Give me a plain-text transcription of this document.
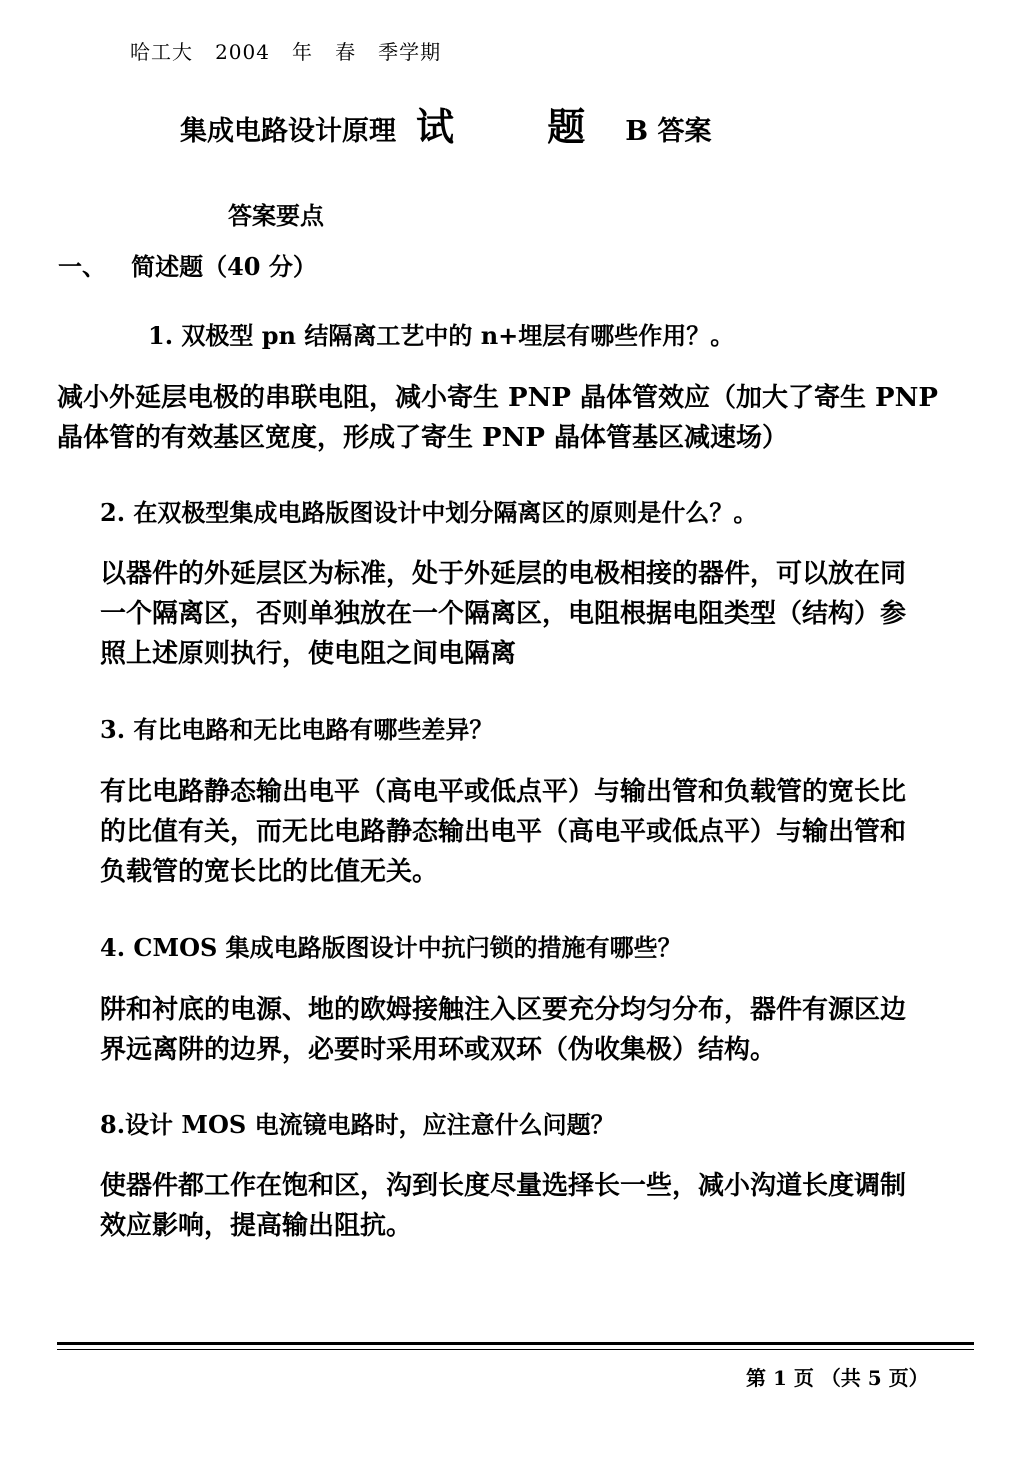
哈工大   2004   年   春   季学期
集成电路设计原理 试 题 B 答案
答案要点
一、   简述题（40 分）
1. 双极型 pn 结隔离工艺中的 n+埋层有哪些作用？。
减小外延层电极的串联电阻，减小寄生 PNP 晶体管效应（加大了寄生 PNP
晶体管的有效基区宽度，形成了寄生 PNP 晶体管基区减速场）
2. 在双极型集成电路版图设计中划分隔离区的原则是什么？。
以器件的外延层区为标准，处于外延层的电极相接的器件，可以放在同
一个隔离区，否则单独放在一个隔离区，电阻根据电阻类型（结构）参
照上述原则执行，使电阻之间电隔离
3. 有比电路和无比电路有哪些差异？
有比电路静态输出电平（高电平或低点平）与输出管和负载管的宽长比
的比值有关，而无比电路静态输出电平（高电平或低点平）与输出管和
负载管的宽长比的比值无关。
4. CMOS 集成电路版图设计中抗闩锁的措施有哪些？
阱和衬底的电源、地的欧姆接触注入区要充分均匀分布，器件有源区边
界远离阱的边界，必要时采用环或双环（伪收集极）结构。
8.设计 MOS 电流镜电路时，应注意什么问题？
使器件都工作在饱和区，沟到长度尽量选择长一些，减小沟道长度调制
效应影响，提高输出阻抗。
第 1 页 （共 5 页）
